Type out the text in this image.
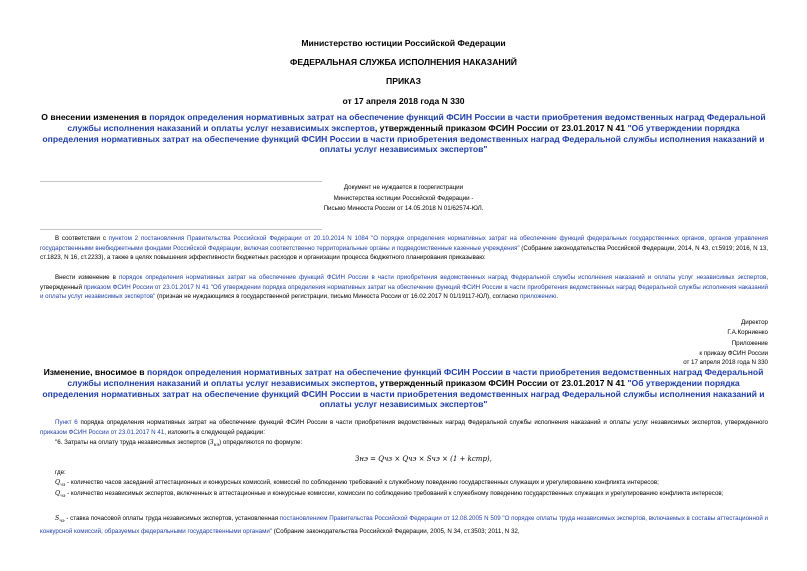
Министерство юстиции Российской Федерации
ФЕДЕРАЛЬНАЯ СЛУЖБА ИСПОЛНЕНИЯ НАКАЗАНИЙ
ПРИКАЗ
от 17 апреля 2018 года N 330
О внесении изменения в порядок определения нормативных затрат на обеспечение функций ФСИН России в части приобретения ведомственных наград Федеральной службы исполнения наказаний и оплаты услуг независимых экспертов, утвержденный приказом ФСИН России от 23.01.2017 N 41 "Об утверждении порядка определения нормативных затрат на обеспечение функций ФСИН России в части приобретения ведомственных наград Федеральной службы исполнения наказаний и оплаты услуг независимых экспертов"
Документ не нуждается в госрегистрации
Министерства юстиции Российской Федерации -
Письмо Минюста России от 14.05.2018 N 01/62574-ЮЛ.
В соответствии с пунктом 2 постановления Правительства Российской Федерации от 20.10.2014 N 1084 "О порядке определения нормативных затрат на обеспечение функций федеральных государственных органов, органов управления государственными внебюджетными фондами Российской Федерации, включая соответственно территориальные органы и подведомственные казенные учреждения" (Собрание законодательства Российской Федерации, 2014, N 43, ст.5919; 2016, N 13, ст.1823, N 16, ст.2233), а также в целях повышения эффективности бюджетных расходов и организации процесса бюджетного планирования приказываю:
Внести изменение в порядок определения нормативных затрат на обеспечение функций ФСИН России в части приобретения ведомственных наград Федеральной службы исполнения наказаний и оплаты услуг независимых экспертов, утвержденный приказом ФСИН России от 23.01.2017 N 41 "Об утверждении порядка определения нормативных затрат на обеспечение функций ФСИН России в части приобретения ведомственных наград Федеральной службы исполнения наказаний и оплаты услуг независимых экспертов" (признан не нуждающимся в государственной регистрации, письмо Минюста России от 16.02.2017 N 01/19117-ЮЛ), согласно приложению.
Директор
Г.А.Корниенко
Приложение
к приказу ФСИН России
от 17 апреля 2018 года N 330
Изменение, вносимое в порядок определения нормативных затрат на обеспечение функций ФСИН России в части приобретения ведомственных наград Федеральной службы исполнения наказаний и оплаты услуг независимых экспертов, утвержденный приказом ФСИН России от 23.01.2017 N 41 "Об утверждении порядка определения нормативных затрат на обеспечение функций ФСИН России в части приобретения ведомственных наград Федеральной службы исполнения наказаний и оплаты услуг независимых экспертов"
Пункт 6 порядка определения нормативных затрат на обеспечение функций ФСИН России в части приобретения ведомственных наград Федеральной службы исполнения наказаний и оплаты услуг независимых экспертов, утвержденного приказом ФСИН России от 23.01.2017 N 41, изложить в следующей редакции:
"6. Затраты на оплату труда независимых экспертов $(З_{нэ})$ определяются по формуле:
Знэ = Qчз × Qчэ × Sчэ × (1 + kстр),
где:
$Q_{чз}$ - количество часов заседаний аттестационных и конкурсных комиссий, комиссий по соблюдению требований к служебному поведению государственных служащих и урегулированию конфликта интересов;
$Q_{чэ}$ - количество независимых экспертов, включенных в аттестационные и конкурсные комиссии, комиссии по соблюдению требований к служебному поведению государственных служащих и урегулированию конфликта интересов;
$S_{чэ}$ - ставка почасовой оплаты труда независимых экспертов, установленная постановлением Правительства Российской Федерации от 12.08.2005 N 509 "О порядке оплаты труда независимых экспертов, включаемых в составы аттестационной и конкурсной комиссий, образуемых федеральными государственными органами" (Собрание законодательства Российской Федерации, 2005, N 34, ст.3503; 2011, N 32,
